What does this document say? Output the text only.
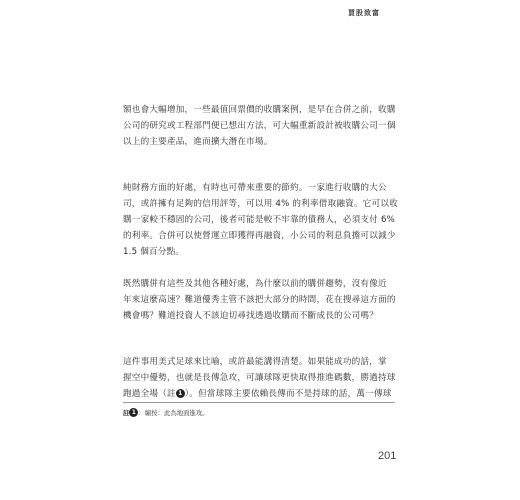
買股致富

額也會大幅增加，一些最值回票價的收購案例，是早在合併之前，收購
公司的研究或工程部門便已想出方法，可大幅重新設計被收購公司一個
以上的主要產品，進而擴大潛在市場。

純財務方面的好處，有時也可帶來重要的節約。一家進行收購的大公
司，或許擁有足夠的信用評等，可以用 4% 的利率借取融資。它可以收
購一家較不穩固的公司，後者可能是較不牢靠的債務人，必須支付 6%
的利率。合併可以使營運立即獲得再融資，小公司的利息負擔可以減少
1.5 個百分點。

既然購併有這些及其他各種好處，為什麼以前的購併趨勢，沒有像近
年來這麼高速？難道優秀主管不該把大部分的時間，花在搜尋這方面的
機會嗎？難道投資人不該迫切尋找透過收購而不斷成長的公司嗎？

這件事用美式足球來比喻，或許最能講得清楚。如果能成功的話，掌
握空中優勢，也就是長傳急攻，可讓球隊更快取得推進碼數，勝過持球
跑過全場（註 1 ）。但當球隊主要依賴長傳而不是持球的話，萬一傳球

註 1 ：編按：此為地面進攻。
201
